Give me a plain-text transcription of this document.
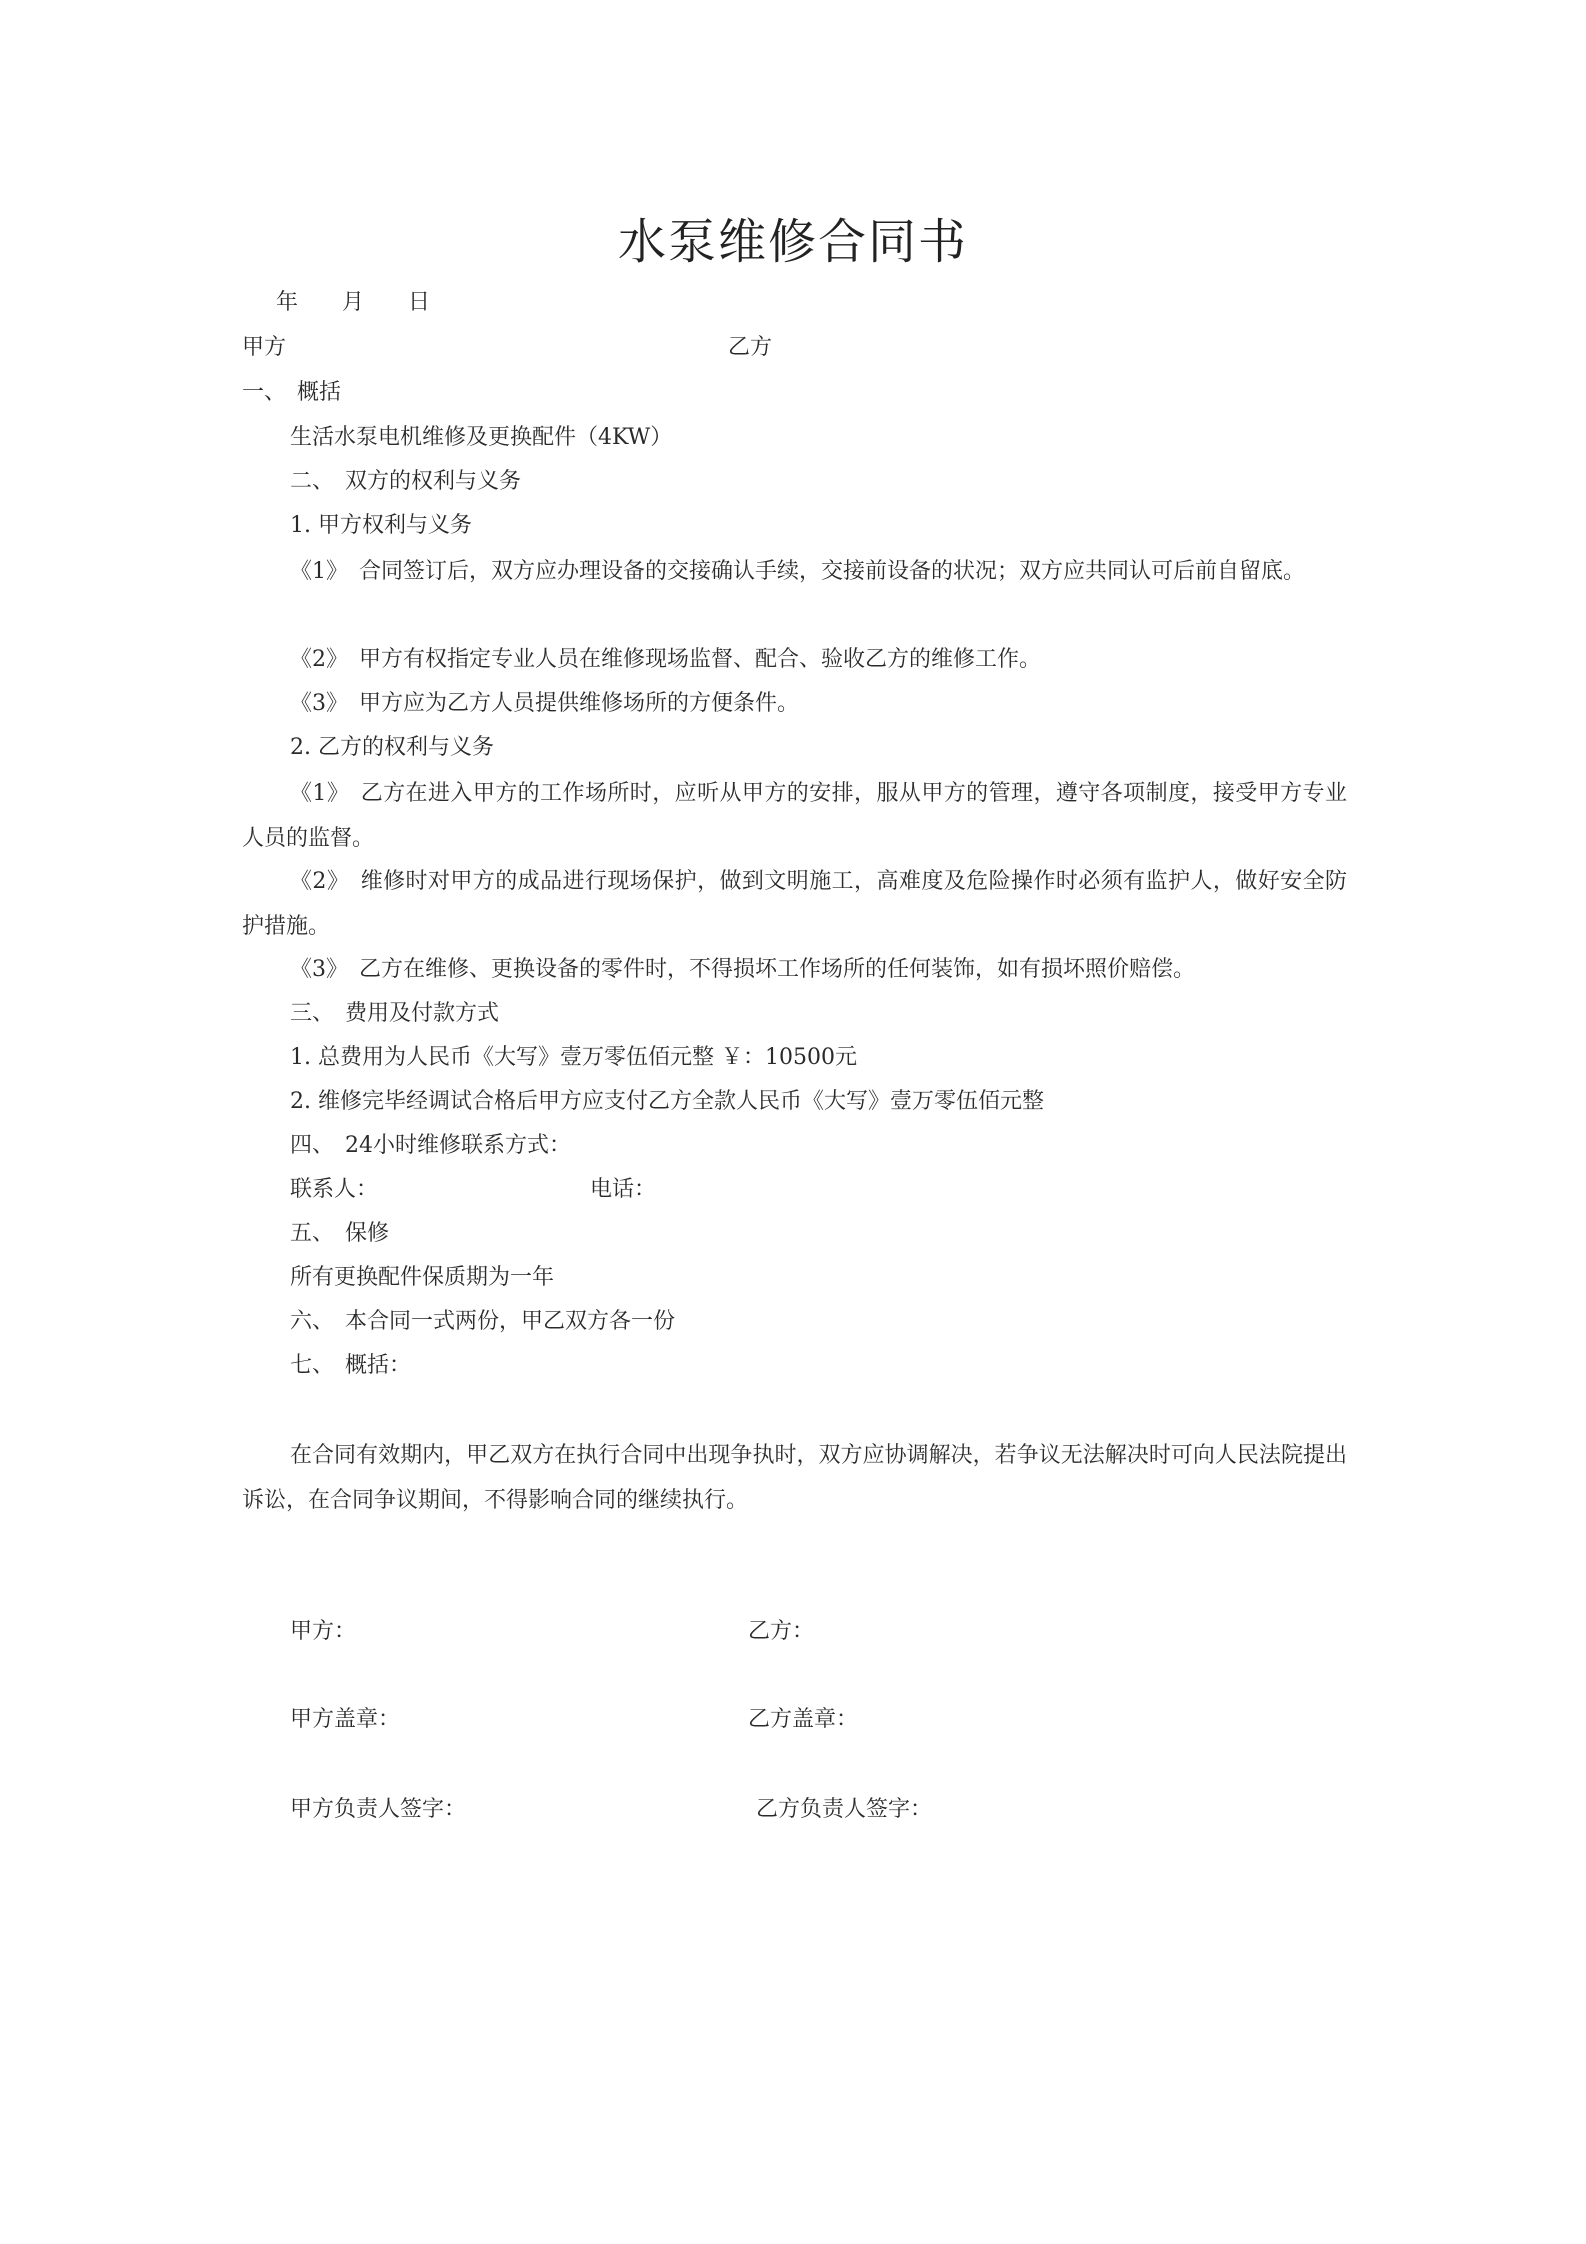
水泵维修合同书
年　　月　　日
甲方	乙方
一、　概括
生活水泵电机维修及更换配件（4KW）
二、　双方的权利与义务
1. 甲方权利与义务
《1》　合同签订后，双方应办理设备的交接确认手续，交接前设备的状况；双方应共同认可后前自留底。
《2》　甲方有权指定专业人员在维修现场监督、配合、验收乙方的维修工作。
《3》　甲方应为乙方人员提供维修场所的方便条件。
2. 乙方的权利与义务
《1》　乙方在进入甲方的工作场所时，应听从甲方的安排，服从甲方的管理，遵守各项制度，接受甲方专业人员的监督。
《2》　维修时对甲方的成品进行现场保护，做到文明施工，高难度及危险操作时必须有监护人，做好安全防护措施。
《3》　乙方在维修、更换设备的零件时，不得损坏工作场所的任何装饰，如有损坏照价赔偿。
三、　费用及付款方式
1. 总费用为人民币《大写》壹万零伍佰元整 ￥：10500元
2. 维修完毕经调试合格后甲方应支付乙方全款人民币《大写》壹万零伍佰元整
四、　24小时维修联系方式：
联系人：	电话：
五、　保修
所有更换配件保质期为一年
六、　本合同一式两份，甲乙双方各一份
七、　概括：
在合同有效期内，甲乙双方在执行合同中出现争执时，双方应协调解决，若争议无法解决时可向人民法院提出诉讼，在合同争议期间，不得影响合同的继续执行。
甲方：	乙方：
甲方盖章：	乙方盖章：
甲方负责人签字：	乙方负责人签字：
